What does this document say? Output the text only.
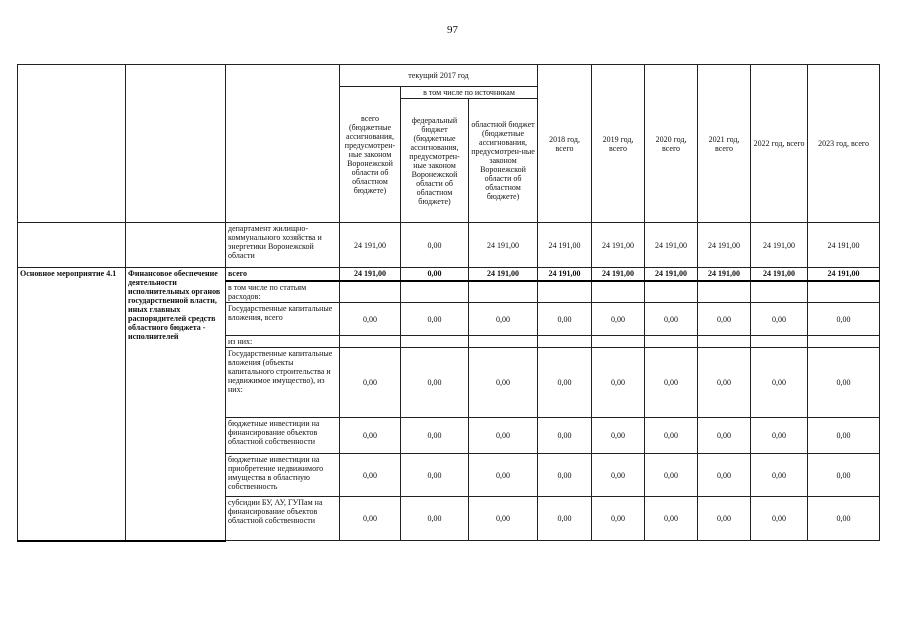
97
			текущий 2017 год			2018 год, всего	2019 год, всего	2020 год, всего	2021 год, всего	2022 год, всего	2023 год, всего
			всего (бюджетные ассигнования, предусмотрен-ные законом Воронежской области об областном бюджете)	в том числе по источникам							
				федеральный бюджет (бюджетные ассигнования, предусмотрен-ные законом Воронежской области об областном бюджете)	областной бюджет (бюджетные ассигнования, предусмотрен-ные законом Воронежской области об областном бюджете)						
		департамент жилищно-коммунального хозяйства и энергетики Воронежской области	24 191,00	0,00	24 191,00	24 191,00	24 191,00	24 191,00	24 191,00	24 191,00	24 191,00
Основное мероприятие 4.1	Финансовое обеспечение деятельности исполнительных органов государственной власти, иных главных распорядителей средств областного бюджета - исполнителей	всего	24 191,00	0,00	24 191,00	24 191,00	24 191,00	24 191,00	24 191,00	24 191,00	24 191,00
		в том числе по статьям расходов:									
		Государственные капитальные вложения, всего	0,00	0,00	0,00	0,00	0,00	0,00	0,00	0,00	0,00
		из них:									
		Государственные капитальные вложения (объекты капитального строительства и недвижимое имущество), из них:	0,00	0,00	0,00	0,00	0,00	0,00	0,00	0,00	0,00
		бюджетные инвестиции на финансирование объектов областной собственности	0,00	0,00	0,00	0,00	0,00	0,00	0,00	0,00	0,00
		бюджетные инвестиции на приобретение недвижимого имущества в областную собственность	0,00	0,00	0,00	0,00	0,00	0,00	0,00	0,00	0,00
		субсидии БУ, АУ, ГУПам на финансирование объектов областной собственности	0,00	0,00	0,00	0,00	0,00	0,00	0,00	0,00	0,00
